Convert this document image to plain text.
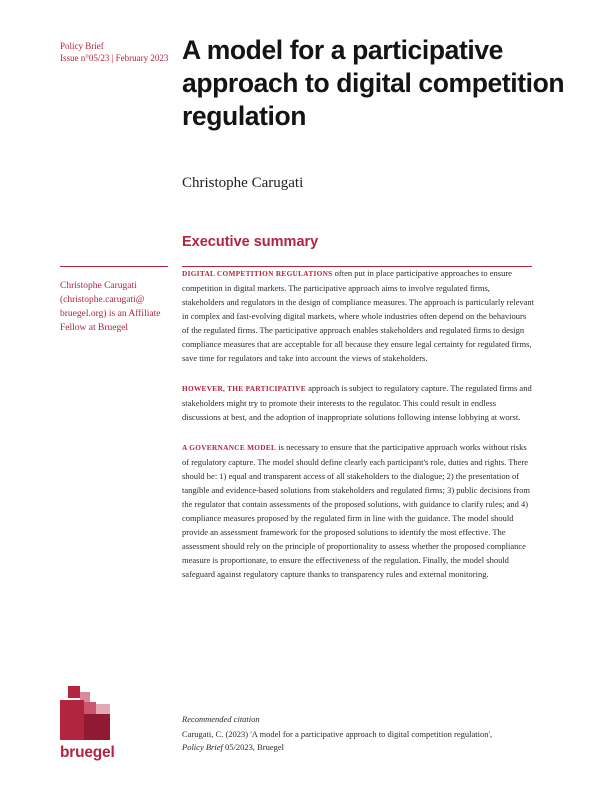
Policy Brief
Issue n°05/23 | February 2023 A model for a participative approach to digital competition regulation

Christophe Carugati

Executive summary

Christophe Carugati (christophe.carugati@ bruegel.org) is an Affiliate Fellow at Bruegel

DIGITAL COMPETITION REGULATIONS often put in place participative approaches to ensure competition in digital markets. The participative approach aims to involve regulated firms, stakeholders and regulators in the design of compliance measures. The approach is particularly relevant in complex and fast-evolving digital markets, where whole industries often depend on the behaviours of the regulated firms. The participative approach enables stakeholders and regulated firms to design compliance measures that are acceptable for all because they ensure legal certainty for regulated firms, save time for regulators and take into account the views of stakeholders.

HOWEVER, THE PARTICIPATIVE approach is subject to regulatory capture. The regulated firms and stakeholders might try to promote their interests to the regulator. This could result in endless discussions at best, and the adoption of inappropriate solutions following intense lobbying at worst.

A GOVERNANCE MODEL is necessary to ensure that the participative approach works without risks of regulatory capture. The model should define clearly each participant's role, duties and rights. There should be: 1) equal and transparent access of all stakeholders to the dialogue; 2) the presentation of tangible and evidence-based solutions from stakeholders and regulated firms; 3) public decisions from the regulator that contain assessments of the proposed solutions, with guidance to clarify rules; and 4) compliance measures proposed by the regulated firm in line with the guidance. The model should provide an assessment framework for the proposed solutions to identify the most effective. The assessment should rely on the principle of proportionality to assess whether the proposed compliance measure is proportionate, to ensure the effectiveness of the regulation. Finally, the model should safeguard against regulatory capture thanks to transparency rules and external monitoring.

bruegel

Recommended citation
Carugati, C. (2023) 'A model for a participative approach to digital competition regulation',
Policy Brief 05/2023, Bruegel
